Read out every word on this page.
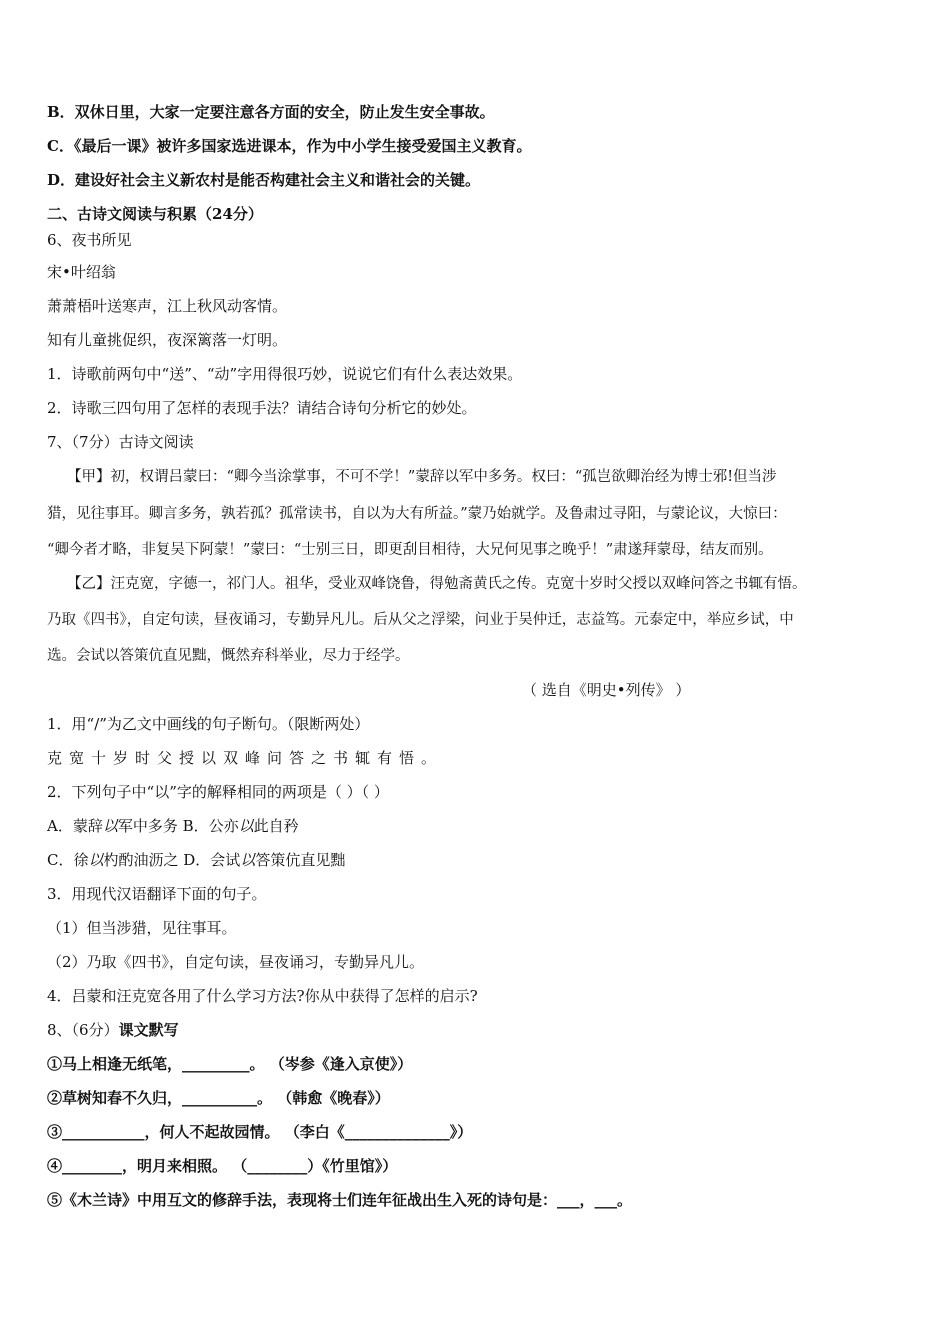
B．双休日里，大家一定要注意各方面的安全，防止发生安全事故。
C．《最后一课》被许多国家选进课本，作为中小学生接受爱国主义教育。
D．建设好社会主义新农村是能否构建社会主义和谐社会的关键。
二、古诗文阅读与积累（24分）
6、夜书所见
宋•叶绍翁
萧萧梧叶送寒声，江上秋风动客情。
知有儿童挑促织，夜深篱落一灯明。
1．诗歌前两句中“送”、“动”字用得很巧妙，说说它们有什么表达效果。
2．诗歌三四句用了怎样的表现手法？请结合诗句分析它的妙处。
7、（7分）古诗文阅读
【甲】初，权谓吕蒙曰：“卿今当涂掌事，不可不学！”蒙辞以军中多务。权曰：“孤岂欲卿治经为博士邪!但当涉
猎，见往事耳。卿言多务，孰若孤？孤常读书，自以为大有所益。”蒙乃始就学。及鲁肃过寻阳，与蒙论议，大惊曰：
“卿今者才略，非复吴下阿蒙！”蒙曰：“士别三日，即更刮目相待，大兄何见事之晚乎！”肃遂拜蒙母，结友而别。
【乙】汪克宽，字德一，祁门人。祖华，受业双峰饶鲁，得勉斋黄氏之传。克宽十岁时父授以双峰问答之书辄有悟。
乃取《四书》，自定句读，昼夜诵习，专勤异凡儿。后从父之浮梁，问业于吴仲迁，志益笃。元泰定中，举应乡试，中
选。会试以答策伉直见黜，慨然弃科举业，尽力于经学。
（ 选自《明史•列传》 ）
1．用“/”为乙文中画线的句子断句。（限断两处）
克宽十岁时父授以双峰问答之书辄有悟。
2．下列句子中“以”字的解释相同的两项是（ ）（ ）
A．蒙辞以军中多务 B．公亦以此自矜
C．徐以杓酌油沥之 D．会试以答策伉直见黜
3．用现代汉语翻译下面的句子。
（1）但当涉猎，见往事耳。
（2）乃取《四书》，自定句读，昼夜诵习，专勤异凡儿。
4．吕蒙和汪克宽各用了什么学习方法?你从中获得了怎样的启示?
8、（6分）课文默写
①马上相逢无纸笔，_________。 （岑参《逢入京使》）
②草树知春不久归，__________。 （韩愈《晚春》）
③___________，何人不起故园情。 （李白《______________》）
④________，明月来相照。 （________）《竹里馆》）
⑤《木兰诗》中用互文的修辞手法，表现将士们连年征战出生入死的诗句是：___，___。
